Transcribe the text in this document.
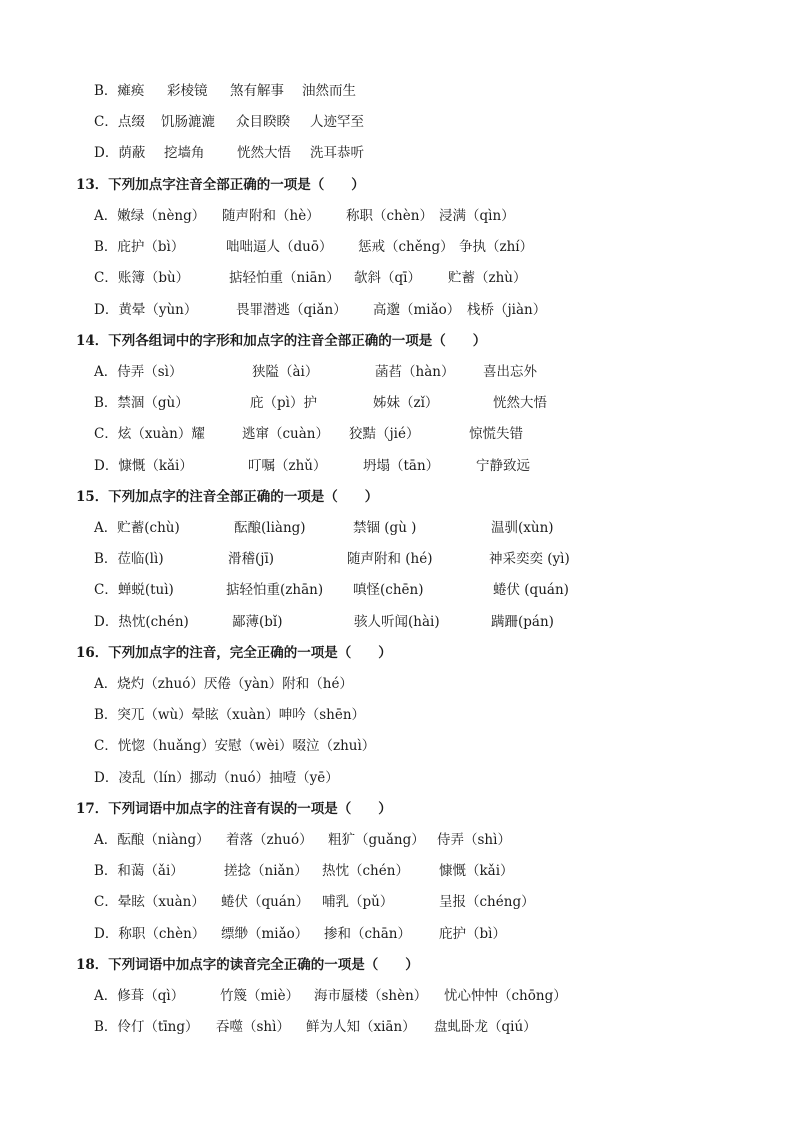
B．瘫痪 彩棱镜 煞有解事 油然而生
C．点缀 饥肠漉漉 众目睽睽 人迹罕至
D．荫蔽 挖墙角 恍然大悟 洗耳恭听
13．下列加点字注音全部正确的一项是（　　）
A．嫩绿（nèng） 随声附和（hè） 称职（chèn） 浸满（qìn）
B．庇护（bì）	咄咄逼人（duō） 惩戒（chěng） 争执（zhí）
C．账簿（bù）	掂轻怕重（niān） 欹斜（qī） 贮蓄（zhù）
D．黄晕（yùn）	畏罪潜逃（qiǎn） 高邈（miǎo） 栈桥（jiàn）
14．下列各组词中的字形和加点字的注音全部正确的一项是（　　）
A．侍弄（sì）	狭隘（ài）	菡萏（hàn） 喜出忘外
B．禁涸（gù）	庇（pì）护	姊妹（zǐ）	恍然大悟
C．炫（xuàn）耀	逃窜（cuàn） 狡黠（jié）	惊慌失错
D．慷慨（kǎi）	叮嘱（zhǔ）	坍塌（tān）	宁静致远
15．下列加点字的注音全部正确的一项是（　　）
A．贮蓄(chù)	酝酿(liàng)	禁锢 (gù )	温驯(xùn)
B．莅临(lì)	滑稽(jī)	随声附和 (hé)	神采奕奕 (yì)
C．蝉蜕(tuì)	掂轻怕重(zhān) 嗔怪(chēn)	蜷伏 (quán)
D．热忱(chén)	鄙薄(bǐ)	骇人听闻(hài)	蹒跚(pán)
16．下列加点字的注音，完全正确的一项是（　　）
A．烧灼（zhuó）厌倦（yàn）附和（hé）
B．突兀（wù）晕眩（xuàn）呻吟（shēn）
C．恍惚（huǎng）安慰（wèi）啜泣（zhuì）
D．凌乱（lín）挪动（nuó）抽噎（yē）
17．下列词语中加点字的注音有误的一项是（　　）
A．酝酿（niàng） 着落（zhuó） 粗犷（guǎng） 侍弄（shì）
B．和蔼（ǎi）	搓捻（niǎn） 热忱（chén） 慷慨（kǎi）
C．晕眩（xuàn） 蜷伏（quán） 哺乳（pǔ）	呈报（chéng）
D．称职（chèn） 缥缈（miǎo） 掺和（chān） 庇护（bì）
18．下列词语中加点字的读音完全正确的一项是（　　）
A．修葺（qì）	竹篾（miè） 海市蜃楼（shèn） 忧心忡忡（chōng）
B．伶仃（tīng） 吞噬（shì） 鲜为人知（xiān） 盘虬卧龙（qiú）
